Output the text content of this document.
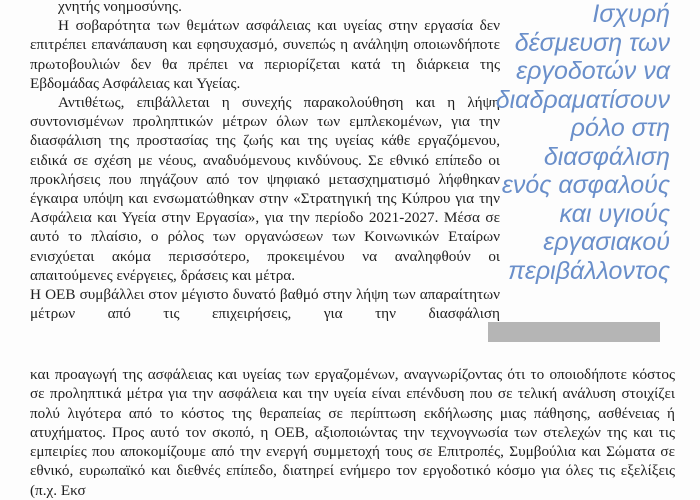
χνητής νοημοσύνης.

Η σοβαρότητα των θεμάτων ασφάλειας και υγείας στην εργασία δεν επιτρέπει επανάπαυση και εφησυχασμό, συνεπώς η ανάληψη οποιωνδήποτε πρωτοβουλιών δεν θα πρέπει να περιορίζεται κατά τη διάρκεια της Εβδομάδας Ασφάλειας και Υγείας.

Αντιθέτως, επιβάλλεται η συνεχής παρακολούθηση και η λήψη συντονισμένων προληπτικών μέτρων όλων των εμπλεκομένων, για την διασφάλιση της προστασίας της ζωής και της υγείας κάθε εργαζόμενου, ειδικά σε σχέση με νέους, αναδυόμενους κινδύνους. Σε εθνικό επίπεδο οι προκλήσεις που πηγάζουν από τον ψηφιακό μετασχηματισμό λήφθηκαν έγκαιρα υπόψη και ενσωματώθηκαν στην «Στρατηγική της Κύπρου για την Ασφάλεια και Υγεία στην Εργασία», για την περίοδο 2021-2027. Μέσα σε αυτό το πλαίσιο, ο ρόλος των οργανώσεων των Κοινωνικών Εταίρων ενισχύεται ακόμα περισσότερο, προκειμένου να αναληφθούν οι απαιτούμενες ενέργειες, δράσεις και μέτρα.

Η ΟΕΒ συμβάλλει στον μέγιστο δυνατό βαθμό στην λήψη των απαραίτητων μέτρων από τις επιχειρήσεις, για την διασφάλιση

και προαγωγή της ασφάλειας και υγείας των εργαζομένων, αναγνωρίζοντας ότι το οποιοδήποτε κόστος σε προληπτικά μέτρα για την ασφάλεια και την υγεία είναι επένδυση που σε τελική ανάλυση στοιχίζει πολύ λιγότερα από το κόστος της θεραπείας σε περίπτωση εκδήλωσης μιας πάθησης, ασθένειας ή ατυχήματος. Προς αυτό τον σκοπό, η ΟΕΒ, αξιοποιώντας την τεχνογνωσία των στελεχών της και τις εμπειρίες που αποκομίζουμε από την ενεργή συμμετοχή τους σε Επιτροπές, Συμβούλια και Σώματα σε εθνικό, ευρωπαϊκό και διεθνές επίπεδο, διατηρεί ενήμερο τον εργοδοτικό κόσμο για όλες τις εξελίξεις (π.χ. Εκσ

Ισχυρή δέσμευση των εργοδοτών να διαδραματίσουν ρόλο στη διασφάλιση ενός ασφαλούς και υγιούς εργασιακού περιβάλλοντος
